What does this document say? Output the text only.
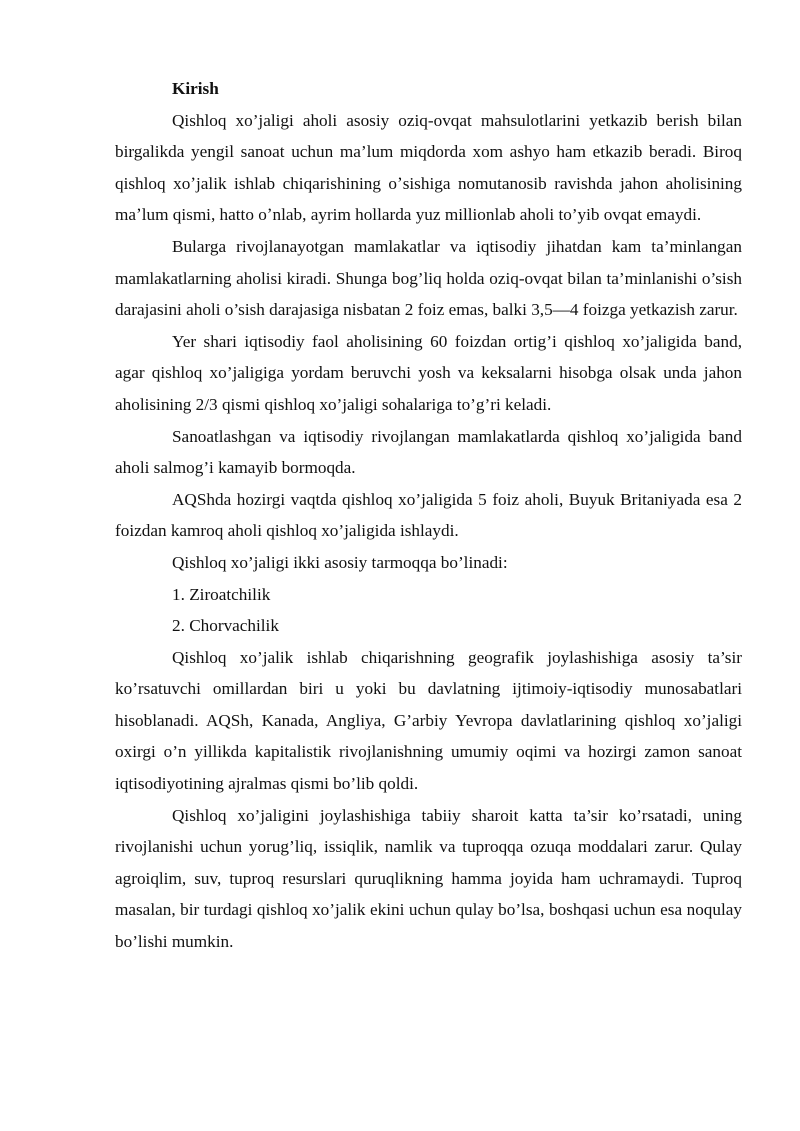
Kirish

Qishloq xo’jaligi aholi asosiy oziq-ovqat mahsulotlarini yetkazib berish bilan birgalikda yengil sanoat uchun ma’lum miqdorda xom ashyo ham etkazib beradi. Biroq qishloq xoʼjalik ishlab chiqarishining oʼsishiga nomutanosib ravishda jahon aholisining maʼlum qismi, hatto oʼnlab, ayrim hollarda yuz millionlab aholi to’yib ovqat emaydi.

Bularga rivojlanayotgan mamlakatlar va iqtisodiy jihatdan kam ta’minlangan mamlakatlarning aholisi kiradi. Shunga bog’liq holda oziq-ovqat bilan ta’minlanishi o’sish darajasini aholi o’sish darajasiga nisbatan 2 foiz emas, balki 3,5—4 foizga yetkazish zarur.

Yer shari iqtisodiy faol aholisining 60 foizdan ortig’i qishloq xo’jaligida band, agar qishloq xo’jaligiga yordam beruvchi yosh va keksalarni hisobga olsak unda jahon aholisining 2/3 qismi qishloq xo’jaligi sohalariga to’g’ri keladi.

Sanoatlashgan va iqtisodiy rivojlangan mamlakatlarda qishloq xo’jaligida band aholi salmog’i kamayib bormoqda.

AQShda hozirgi vaqtda qishloq xo’jaligida 5 foiz aholi, Buyuk Britaniyada esa 2 foizdan kamroq aholi qishloq xo’jaligida ishlaydi.

Qishloq xo’jaligi ikki asosiy tarmoqqa bo’linadi:

1. Ziroatchilik

2. Chorvachilik

Qishloq xo’jalik ishlab chiqarishning geografik joylashishiga asosiy ta’sir ko’rsatuvchi omillardan biri u yoki bu davlatning ijtimoiy-iqtisodiy munosabatlari hisoblanadi. AQSh, Kanada, Angliya, G’arbiy Yevropa davlatlarining qishloq xo’jaligi oxirgi o’n yillikda kapitalistik rivojlanishning umumiy oqimi va hozirgi zamon sanoat iqtisodiyotining ajralmas qismi bo’lib qoldi.

Qishloq xo’jaligini joylashishiga tabiiy sharoit katta ta’sir ko’rsatadi, uning rivojlanishi uchun yorug’liq, issiqlik, namlik va tuproqqa ozuqa moddalari zarur. Qulay agroiqlim, suv, tuproq resurslari quruqlikning hamma joyida ham uchramaydi. Tuproq masalan, bir turdagi qishloq xo’jalik ekini uchun qulay bo’lsa, boshqasi uchun esa noqulay bo’lishi mumkin.
